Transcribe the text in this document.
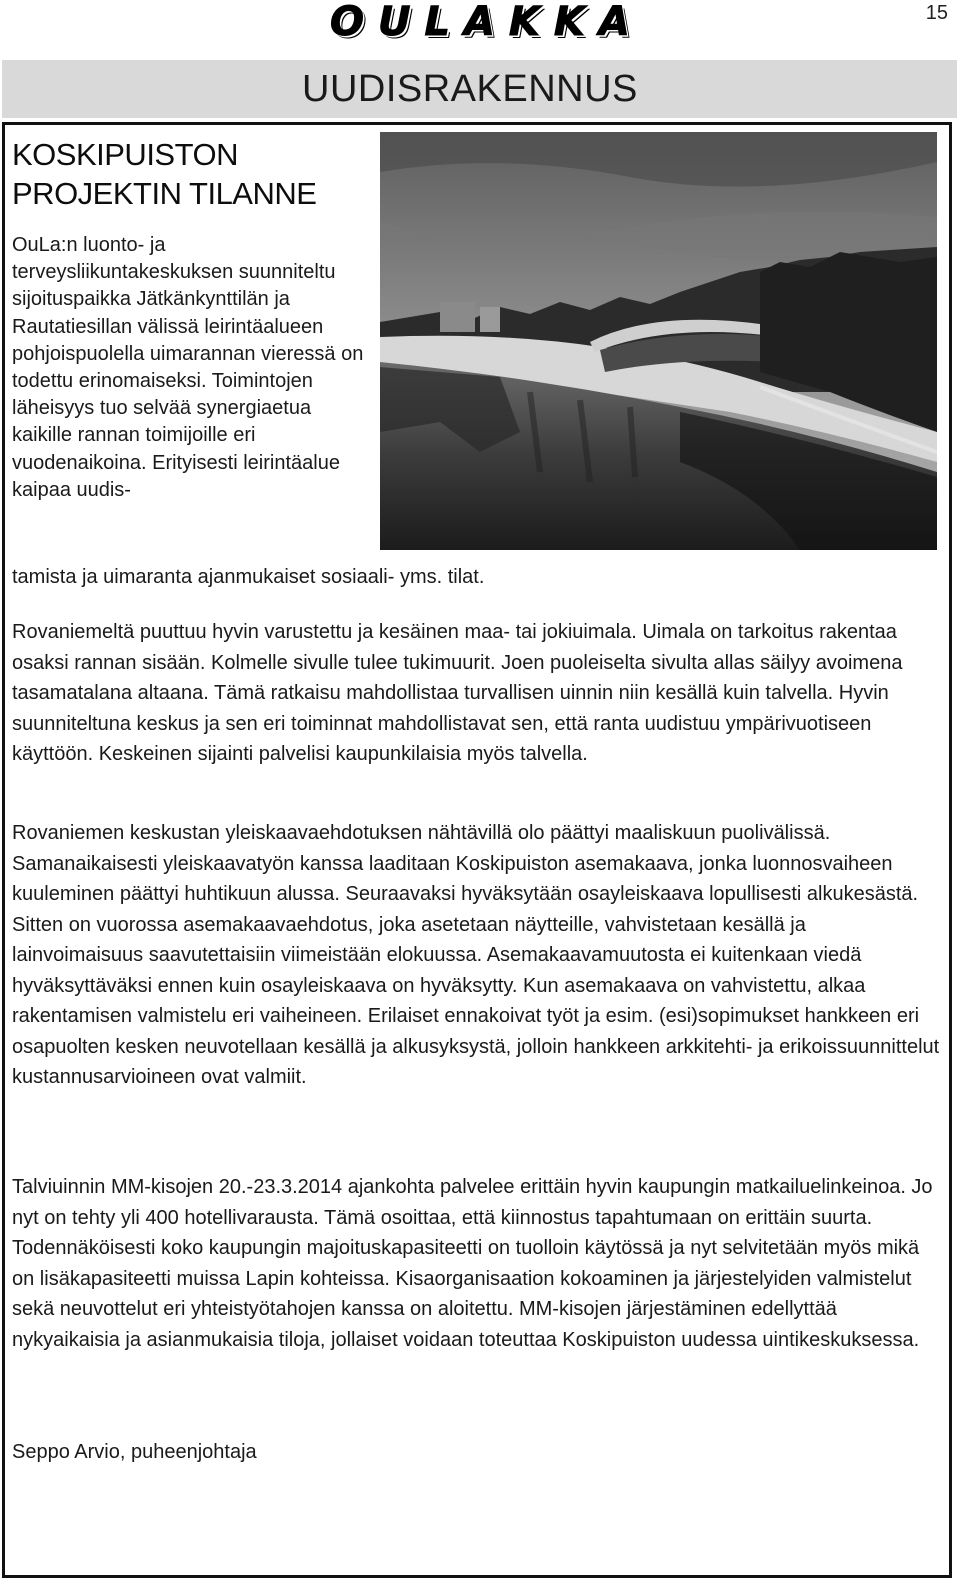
15
OULAKKA
UUDISRAKENNUS
KOSKIPUISTON
PROJEKTIN TILANNE

OuLa:n luonto- ja terveysliikuntakeskuksen suunniteltu sijoituspaikka Jätkänkynttilän ja Rautatiesillan välissä leirintäalueen pohjoispuolella uimarannan vieressä on todettu erinomaiseksi. Toimintojen läheisyys tuo selvää synergiaetua kaikille rannan toimijoille eri vuodenaikoina. Erityisesti leirintäalue kaipaa uudis-

tamista ja uimaranta ajanmukaiset sosiaali- yms. tilat.

Rovaniemeltä puuttuu hyvin varustettu ja kesäinen maa- tai jokiuimala. Uimala on tarkoitus rakentaa osaksi rannan sisään. Kolmelle sivulle tulee tukimuurit. Joen puoleiselta sivulta allas säilyy avoimena tasamatalana altaana. Tämä ratkaisu mahdollistaa turvallisen uinnin niin kesällä kuin talvella. Hyvin suunniteltuna keskus ja sen eri toiminnat mahdollistavat sen, että ranta uudistuu ympärivuotiseen käyttöön. Keskeinen sijainti palvelisi kaupunkilaisia myös talvella.

Rovaniemen keskustan yleiskaavaehdotuksen nähtävillä olo päättyi maaliskuun puolivälissä. Samanaikaisesti yleiskaavatyön kanssa laaditaan Koskipuiston asemakaava, jonka luonnosvaiheen kuuleminen päättyi huhtikuun alussa. Seuraavaksi hyväksytään osayleiskaava lopullisesti alkukesästä. Sitten on vuorossa asemakaavaehdotus, joka asetetaan näytteille, vahvistetaan kesällä ja lainvoimaisuus saavutettaisiin viimeistään elokuussa. Asemakaavamuutosta ei kuitenkaan viedä hyväksyttäväksi ennen kuin osayleiskaava on hyväksytty. Kun asemakaava on vahvistettu, alkaa rakentamisen valmistelu eri vaiheineen. Erilaiset ennakoivat työt ja esim. (esi)sopimukset hankkeen eri osapuolten kesken neuvotellaan kesällä ja alkusyksystä, jolloin hankkeen arkkitehti- ja erikoissuunnittelut kustannusarvioineen ovat valmiit.

Talviuinnin MM-kisojen 20.-23.3.2014 ajankohta palvelee erittäin hyvin kaupungin matkailuelinkeinoa. Jo nyt on tehty yli 400 hotellivarausta. Tämä osoittaa, että kiinnostus tapahtumaan on erittäin suurta. Todennäköisesti koko kaupungin majoituskapasiteetti on tuolloin käytössä ja nyt selvitetään myös mikä on lisäkapasiteetti muissa Lapin kohteissa. Kisaorganisaation kokoaminen ja järjestelyiden valmistelut sekä neuvottelut eri yhteistyötahojen kanssa on aloitettu. MM-kisojen järjestäminen edellyttää nykyaikaisia ja asianmukaisia tiloja, jollaiset voidaan toteuttaa Koskipuiston uudessa uintikeskuksessa.

Seppo Arvio, puheenjohtaja
